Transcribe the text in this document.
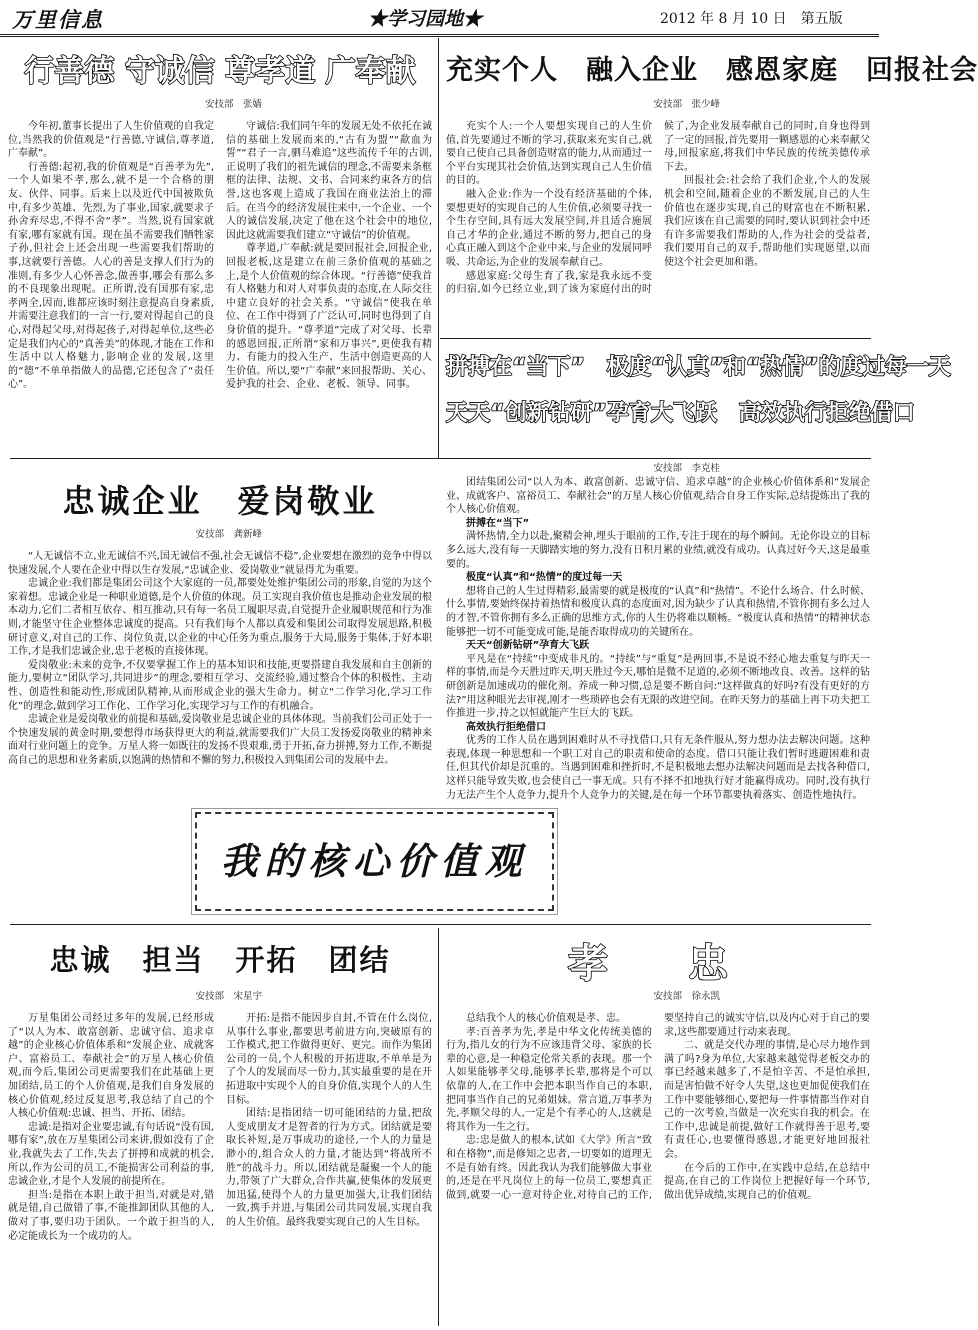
万里信息	★学习园地★	2012 年 8 月 10 日　第五版
行善德 守诚信 尊孝道 广奉献
安技部　张嫱

今年初,董事长提出了人生价值观的自我定位,当然我的价值观是“行善德,守诚信,尊孝道,广奉献”。

行善德:起初,我的价值观是“百善孝为先”,一个人如果不孝,那么,就不是一个合格的朋友、伙伴、同事。后来上以及近代中国被欺负中,有多少英雄、先烈,为了事业,国家,就要求子孙舍弃尽忠,不得不舍“孝”。当然,说有国家就有家,哪有家就有国。现在虽不需要我们牺牲家子孙,但社会上还会出现一些需要我们帮助的事,这就要行善德。人心的善是支撑人们行为的准则,有多少人心怀善念,做善事,哪会有那么多的不良现象出现呢。正所谓,没有国那有家,忠孝两全,因而,谁都应该时刻注意提高自身素质,并需要注意我们的一言一行,要对得起自己的良心,对得起父母,对得起孩子,对得起单位,这些必定是我们内心的“真善美”的体现,才能在工作和生活中以人格魅力,影响企业的发展,这里的“德”不单单指做人的品德,它还包含了“责任心”。

守诚信:我们同午年的发展无处不依托在诚信的基础上发展而来的,“古有为盟”“歃血为誓”“君子一言,驷马难追”这些流传千年的古训,正说明了我们的祖先诚信的理念,不需要来条框框的法律、法规、文书、合同来约束各方的信誉,这也客观上造成了我国在商业法治上的滞后。在当今的经济发展往来中,一个企业、一个人的诚信发展,决定了他在这个社会中的地位,因此这就需要我们建立“守诚信”的价值观。

尊孝道,广奉献:就是要回报社会,回报企业,回报老板,这是建立在前三条价值观的基础之上,是个人价值观的综合体现。“行善德”使我首有人格魅力和对人对事负责的态度,在人际交往中建立良好的社会关系。“守诚信”使我在单位、在工作中得到了广泛认可,同时也得到了自身价值的提升。“尊孝道”完成了对父母、长辈的感恩回报,正所谓“家和万事兴”,更使我有精力、有能力的投入生产、生活中创造更高的人生价值。所以,要“广奉献”来回报帮助、关心、爱护我的社会、企业、老板、领导、同事。

充实个人　融入企业　感恩家庭　回报社会
安技部　张少峰

充实个人:一个人要想实现自己的人生价值,首先要通过不断的学习,获取来充实自己,就要自己使自己具备创造财富的能力,从而通过一个平台实现其社会价值,达到实现自己人生价值的目的。

融入企业:作为一个没有经济基础的个体,要想更好的实现自己的人生价值,必须要寻找一个生存空间,具有远大发展空间,并且适合施展自己才华的企业,通过不断的努力,把自己的身心真正融入到这个企业中来,与企业的发展同呼吸、共命运,为企业的发展奉献自己。

感恩家庭:父母生育了我,家是我永远不变的归宿,如今已经立业,到了该为家庭付出的时候了,为企业发展奉献自己的同时,自身也得到了一定的回报,首先要用一颗感恩的心来奉献父母,回报家庭,将我们中华民族的传统美德传承下去。

回报社会:社会给了我们企业,个人的发展机会和空间,随着企业的不断发展,自己的人生价值也在逐步实现,自己的财富也在不断积累,我们应该在自己需要的同时,要认识到社会中还有许多需要我们帮助的人,作为社会的受益者,我们要用自己的双手,帮助他们实现愿望,以而使这个社会更加和谐。

拼搏在“当下”　极度“认真”和“热情”的度过每一天
天天“创新钻研”孕育大飞跃　高效执行拒绝借口
安技部　李克桂

团结集团公司“以人为本、敢富创新、忠诚守信、追求卓越”的企业核心价值体系和“发展企业、成就客户、富裕员工、奉献社会”的万星人核心价值观,结合自身工作实际,总结提炼出了我的个人核心价值观。

拼搏在“当下”

满怀热情,全力以赴,聚精会神,埋头于眼前的工作,专注于现在的每个瞬间。无论你设立的目标多么远大,没有每一天脚踏实地的努力,没有日积月累的业绩,就没有成功。认真过好今天,这是最重要的。

极度“认真”和“热情”的度过每一天

想将自己的人生过得精彩,最需要的就是极度的“认真”和“热情”。不论什么场合、什么时候、什么事情,要始终保持着热情和极度认真的态度面对,因为缺少了认真和热情,不管你拥有多么过人的才智,不管你拥有多么正确的思维方式,你的人生仍将难以顺畅。“极度认真和热情”的精神状态能够把一切不可能变成可能,是能否取得成功的关键所在。

天天“创新钻研”孕育大飞跃

平凡是在“持续”中变成非凡的。“持续”与“重复”是两回事,不是说不经心地去重复与昨天一样的事情,而是今天胜过昨天,明天胜过今天,哪怕是微不足道的,必须不断地改良、改善。这样的钻研创新是加速成功的催化剂。养成一种习惯,总是要不断自问:“这样做真的好吗?有没有更好的方法?”用这种眼光去审视,刚才一些琐碎也会有无限的改进空间。在昨天努力的基础上再下功夫把工作推进一步,持之以恒就能产生巨大的飞跃。

高效执行拒绝借口

优秀的工作人员在遇到困难时从不寻找借口,只有无条件服从,努力想办法去解决问题。这种表现,体现一种思想和一个职工对自己的职责和使命的态度。借口只能让我们暂时逃避困难和责任,但其代价却是沉重的。当遇到困难和挫折时,不是积极地去想办法解决问题而是去找各种借口,这样只能导致失败,也会使自己一事无成。只有不择不扣地执行好才能赢得成功。同时,没有执行力无法产生个人竞争力,提升个人竞争力的关键,是在每一个环节都要执着落实、创造性地执行。

忠诚企业　爱岗敬业
安技部　龚新峰

“人无诚信不立,业无诚信不兴,国无诚信不强,社会无诚信不稳”,企业要想在激烈的竞争中得以快速发展,个人要在企业中得以生存发展,“忠诚企业、爱岗敬业”就显得尤为重要。

忠诚企业:我们都是集团公司这个大家庭的一员,都要处处维护集团公司的形象,自觉的为这个家着想。忠诚企业是一种职业道德,是个人价值的体现。员工实现自我价值也是推动企业发展的根本动力,它们二者相互依存、相互推动,只有每一名员工履职尽责,自觉提升企业履职规范和行为准则,才能坚守住企业整体忠诚度的提高。只有我们每个人都以真爱和集团公司取得发展思路,积极研讨意义,对自己的工作、岗位负责,以企业的中心任务为重点,服务于大局,服务于集体,于好本职工作,才是我们忠诚企业,忠于老板的直接体现。

爱岗敬业:未来的竞争,不仅要掌握工作上的基本知识和技能,更要搭建自我发展和自主创新的能力,要树立“团队学习,共同进步”的理念,要相互学习、交流经验,通过整合个体的积极性、主动性、创造性和能动性,形成团队精神,从而形成企业的强大生命力。树立“二作学习化,学习工作化”的理念,做到学习工作化、工作学习化,实现学习与工作的有机融合。

忠诚企业是爱岗敬业的前提和基础,爱岗敬业是忠诚企业的具体体现。当前我们公司正处于一个快速发展的黄金时期,要想得市场获得更大的利益,就需要我们广大员工发扬爱岗敬业的精神来面对行业问题上的竞争。万星人将一如既往的发扬不畏艰难,勇于开拓,奋力拼搏,努力工作,不断提高自己的思想和业务素质,以饱满的热情和不懈的努力,积极投入到集团公司的发展中去。

我的核心价值观
忠诚　担当　开拓　团结
安技部　宋星宇

万星集团公司经过多年的发展,已经形成了“以人为本、敢富创新、忠诚守信、追求卓越”的企业核心价值体系和“发展企业、成就客户、富裕员工、奉献社会”的万星人核心价值观,而今后,集团公司更需要我们在此基础上更加团结,员工的个人价值观,是我们自身发展的核心价值观,经过反复思考,我总结了自己的个人核心价值观:忠诚、担当、开拓、团结。

忠诚:是指对企业要忠诚,有句话说“没有国,哪有家”,放在万星集团公司来讲,假如没有了企业,我就失去了工作,失去了拼搏和成就的机会,所以,作为公司的员工,不能损害公司利益的事,忠诚企业,才是个人发展的前提所在。

担当:是指在本职上敢于担当,对就是对,错就是错,自己做错了事,不能推卸团队其他的人,做对了事,要归功于团队。一个敢于担当的人,必定能成长为一个成功的人。

开拓:是指不能因步自封,不管在什么岗位,从事什么事业,都要思考前进方向,突破原有的工作模式,把工作做得更好、更完。而作为集团公司的一员,个人积极的开拓进取,不单单是为了个人的发展而尽一份力,其实最重要的是在开拓进取中实现个人的自身价值,实现个人的人生目标。

团结:是指团结一切可能团结的力量,把敌人变成朋友才是智者的行为方式。团结就是要取长补短,是万事成功的途径,一个人的力量是渺小的,组合众人的力量,才能达到“将战所不胜”的战斗力。所以,团结就是凝聚一个人的能力,带领了广大群众,合作共赢,使集体的发展更加迅猛,使得个人的力量更加强大,让我们团结一致,携手并进,与集团公司共同发展,实现自我的人生价值。最终我要实现自己的人生目标。

孝　忠
安技部　徐永凯

总结我个人的核心价值观是孝、忠。

孝:百善孝为先,孝是中华文化传统美德的行为,指儿女的行为不应该违背父母、家族的长辈的心意,是一种稳定伦常关系的表现。那一个人如果能够孝父母,能够孝长辈,那将是个可以依靠的人,在工作中会把本职当作自己的本职,把同事当作自己的兄弟姐妹。常言道,万事孝为先,孝顺父母的人,一定是个有孝心的人,这就是将其作为一生之行。

忠:忠是做人的根本,试如《大学》所言“致和在格物”,而是修知之忠者,一切要如的道理无不是有始有终。因此我认为我们能够做大事业的,还是在平凡岗位上的每一位员工,要想真正做到,就要一心一意对待企业,对待自己的工作,要坚持自己的诚实守信,以及内心对于自己的要求,这些都要通过行动来表现。

二、就是交代办理的事情,是心尽力地作到满了吗?身为单位,大家越来越觉得老板交办的事已经越来越多了,不是怕辛苦、不是怕承担,而是害怕做不好令人失望,这也更加促使我们在工作中要能够细心,要把每一件事情都当作对自己的一次考验,当做是一次充实自我的机会。在工作中,忠诚是前提,做好工作就得善于思考,要有责任心,也要懂得感恩,才能更好地回报社会。

在今后的工作中,在实践中总结,在总结中提高,在自己的工作岗位上把握好每一个环节,做出优异成绩,实现自己的价值观。
